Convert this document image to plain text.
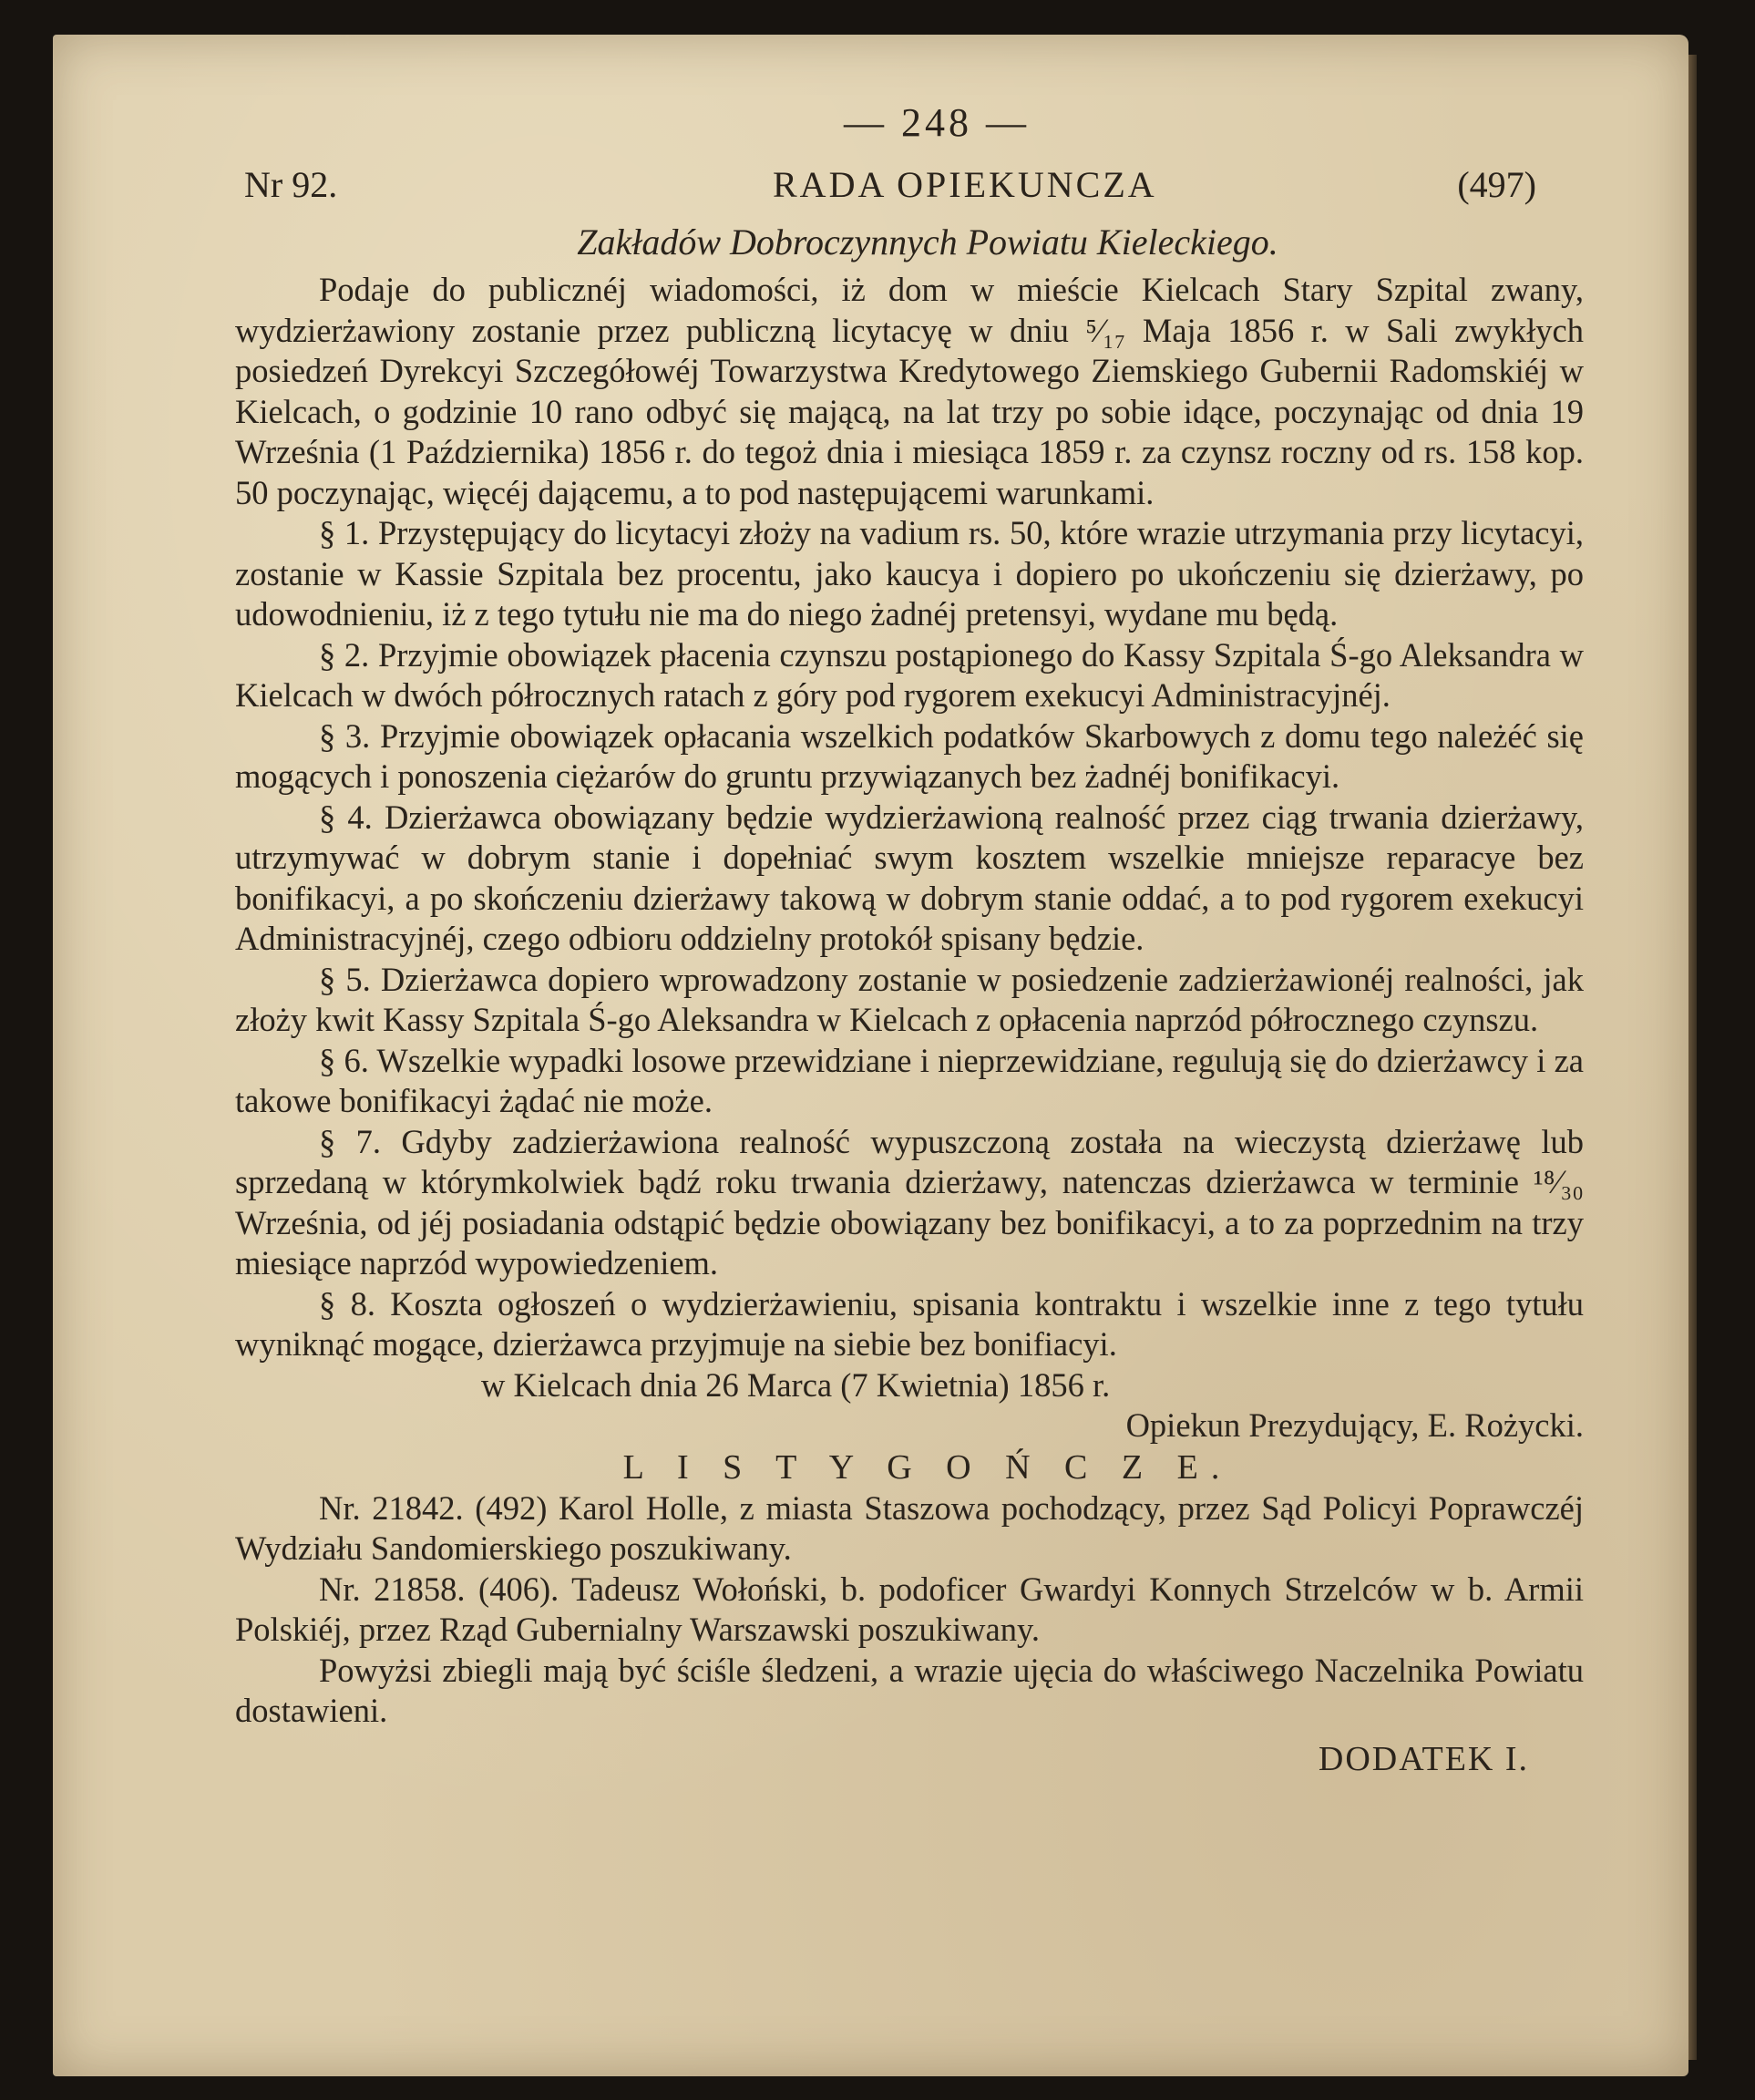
— 248 —
Nr 92.	RADA OPIEKUNCZA	(497)
Zakładów Dobroczynnych Powiatu Kieleckiego.

Podaje do publicznéj wiadomości, iż dom w mieście Kielcach Stary Szpital zwany, wydzierżawiony zostanie przez publiczną licytacyę w dniu ⁵⁄₁₇ Maja 1856 r. w Sali zwykłych posiedzeń Dyrekcyi Szczegółowéj Towarzystwa Kredytowego Ziemskiego Gubernii Radomskiéj w Kielcach, o godzinie 10 rano odbyć się mającą, na lat trzy po sobie idące, poczynając od dnia 19 Września (1 Października) 1856 r. do tegoż dnia i miesiąca 1859 r. za czynsz roczny od rs. 158 kop. 50 poczynając, więcéj dającemu, a to pod następującemi warunkami.

§ 1. Przystępujący do licytacyi złoży na vadium rs. 50, które wrazie utrzymania przy licytacyi, zostanie w Kassie Szpitala bez procentu, jako kaucya i dopiero po ukończeniu się dzierżawy, po udowodnieniu, iż z tego tytułu nie ma do niego żadnéj pretensyi, wydane mu będą.

§ 2. Przyjmie obowiązek płacenia czynszu postąpionego do Kassy Szpitala Ś-go Aleksandra w Kielcach w dwóch półrocznych ratach z góry pod rygorem exekucyi Administracyjnéj.

§ 3. Przyjmie obowiązek opłacania wszelkich podatków Skarbowych z domu tego należéć się mogących i ponoszenia ciężarów do gruntu przywiązanych bez żadnéj bonifikacyi.

§ 4. Dzierżawca obowiązany będzie wydzierżawioną realność przez ciąg trwania dzierżawy, utrzymywać w dobrym stanie i dopełniać swym kosztem wszelkie mniejsze reparacye bez bonifikacyi, a po skończeniu dzierżawy takową w dobrym stanie oddać, a to pod rygorem exekucyi Administracyjnéj, czego odbioru oddzielny protokół spisany będzie.

§ 5. Dzierżawca dopiero wprowadzony zostanie w posiedzenie zadzierżawionéj realności, jak złoży kwit Kassy Szpitala Ś-go Aleksandra w Kielcach z opłacenia naprzód półrocznego czynszu.

§ 6. Wszelkie wypadki losowe przewidziane i nieprzewidziane, regulują się do dzierżawcy i za takowe bonifikacyi żądać nie może.

§ 7. Gdyby zadzierżawiona realność wypuszczoną została na wieczystą dzierżawę lub sprzedaną w którymkolwiek bądź roku trwania dzierżawy, natenczas dzierżawca w terminie ¹⁸⁄₃₀ Września, od jéj posiadania odstąpić będzie obowiązany bez bonifikacyi, a to za poprzednim na trzy miesiące naprzód wypowiedzeniem.

§ 8. Koszta ogłoszeń o wydzierżawieniu, spisania kontraktu i wszelkie inne z tego tytułu wyniknąć mogące, dzierżawca przyjmuje na siebie bez bonifiacyi.

w Kielcach dnia 26 Marca (7 Kwietnia) 1856 r.

Opiekun Prezydujący, E. Rożycki.

L I S T Y G O Ń C Z E.

Nr. 21842. (492) Karol Holle, z miasta Staszowa pochodzący, przez Sąd Policyi Poprawczéj Wydziału Sandomierskiego poszukiwany.

Nr. 21858. (406). Tadeusz Wołoński, b. podoficer Gwardyi Konnych Strzelców w b. Armii Polskiéj, przez Rząd Gubernialny Warszawski poszukiwany.

Powyżsi zbiegli mają być ściśle śledzeni, a wrazie ujęcia do właściwego Naczelnika Powiatu dostawieni.

DODATEK I.
